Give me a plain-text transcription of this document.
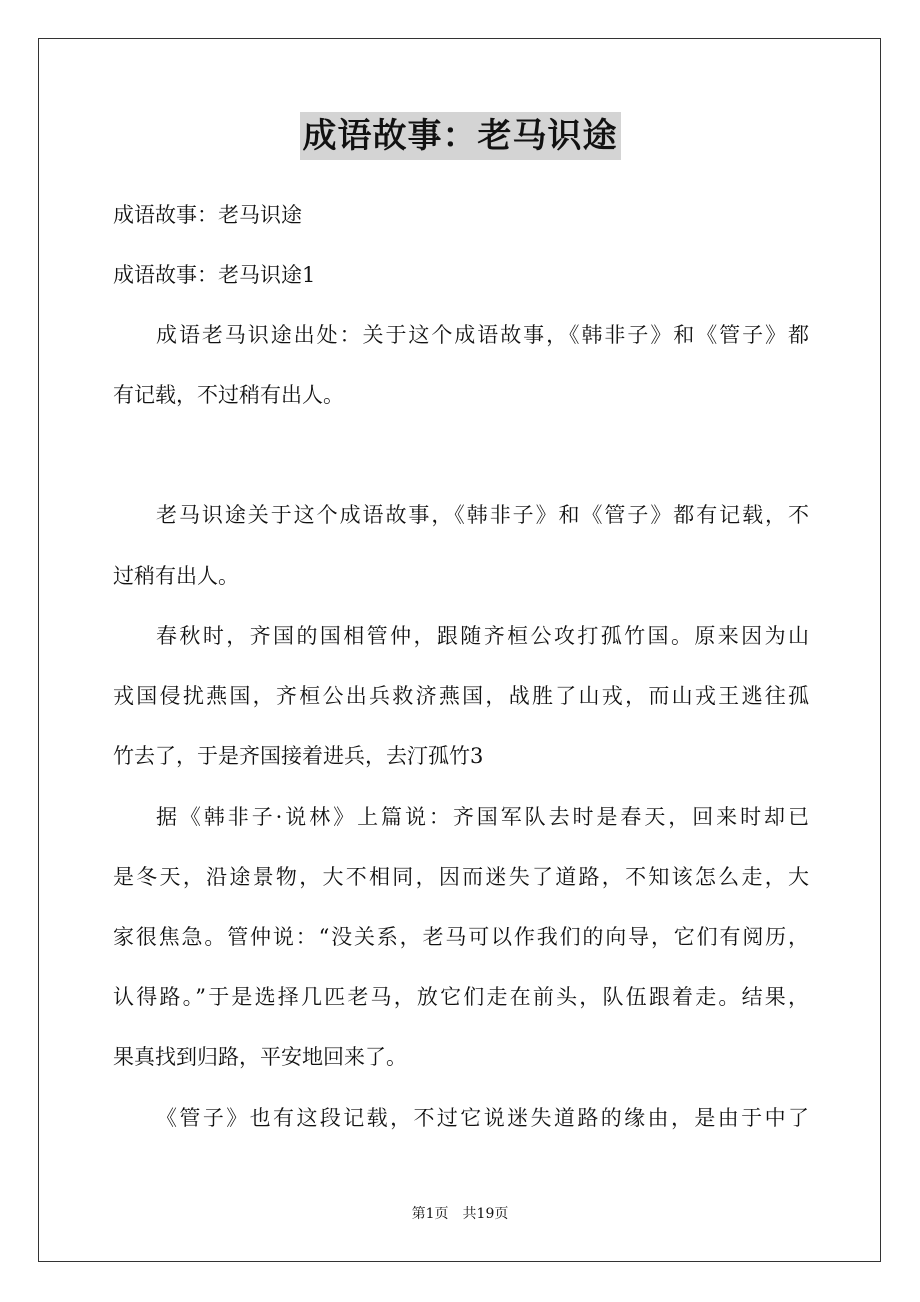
成语故事：老马识途
成语故事：老马识途
成语故事：老马识途1
成语老马识途出处：关于这个成语故事，《韩非子》和《管子》都
有记载，不过稍有出人。
老马识途关于这个成语故事，《韩非子》和《管子》都有记载，不
过稍有出人。
春秋时，齐国的国相管仲，跟随齐桓公攻打孤竹国。原来因为山
戎国侵扰燕国，齐桓公出兵救济燕国，战胜了山戎，而山戎王逃往孤
竹去了，于是齐国接着进兵，去汀孤竹3
据《韩非子·说林》上篇说：齐国军队去时是春天，回来时却已
是冬天，沿途景物，大不相同，因而迷失了道路，不知该怎么走，大
家很焦急。管仲说：“没关系，老马可以作我们的向导，它们有阅历，
认得路。”于是选择几匹老马，放它们走在前头，队伍跟着走。结果，
果真找到归路，平安地回来了。
《管子》也有这段记载，不过它说迷失道路的缘由，是由于中了
第1页　共19页
